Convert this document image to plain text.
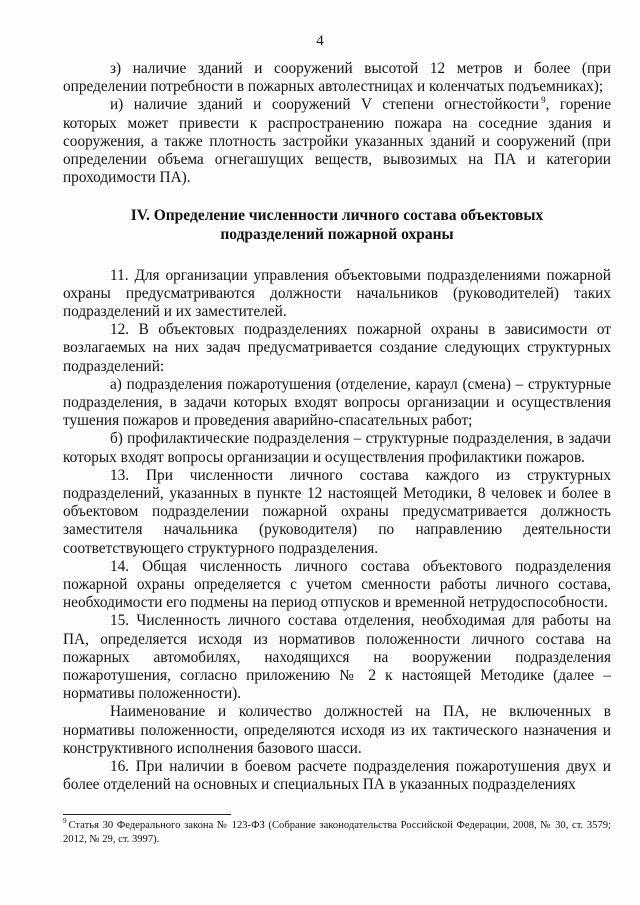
4

з) наличие зданий и сооружений высотой 12 метров и более (при определении потребности в пожарных автолестницах и коленчатых подъемниках);

и) наличие зданий и сооружений V степени огнестойкости $^9$, горение которых может привести к распространению пожара на соседние здания и сооружения, а также плотность застройки указанных зданий и сооружений (при определении объема огнегашущих веществ, вывозимых на ПА и категории проходимости ПА).

IV. Определение численности личного состава объектовых
подразделений пожарной охраны

11. Для организации управления объектовыми подразделениями пожарной охраны предусматриваются должности начальников (руководителей) таких подразделений и их заместителей.

12. В объектовых подразделениях пожарной охраны в зависимости от возлагаемых на них задач предусматривается создание следующих структурных подразделений:

а) подразделения пожаротушения (отделение, караул (смена) – структурные подразделения, в задачи которых входят вопросы организации и осуществления тушения пожаров и проведения аварийно-спасательных работ;

б) профилактические подразделения – структурные подразделения, в задачи которых входят вопросы организации и осуществления профилактики пожаров.

13. При численности личного состава каждого из структурных подразделений, указанных в пункте 12 настоящей Методики, 8 человек и более в объектовом подразделении пожарной охраны предусматривается должность заместителя начальника (руководителя) по направлению деятельности соответствующего структурного подразделения.

14. Общая численность личного состава объектового подразделения пожарной охраны определяется с учетом сменности работы личного состава, необходимости его подмены на период отпусков и временной нетрудоспособности.

15. Численность личного состава отделения, необходимая для работы на ПА, определяется исходя из нормативов положенности личного состава на пожарных автомобилях, находящихся на вооружении подразделения пожаротушения, согласно приложению № 2 к настоящей Методике (далее – нормативы положенности).

Наименование и количество должностей на ПА, не включенных в нормативы положенности, определяются исходя из их тактического назначения и конструктивного исполнения базового шасси.

16. При наличии в боевом расчете подразделения пожаротушения двух и более отделений на основных и специальных ПА в указанных подразделениях

$^9$ Статья 30 Федерального закона № 123-ФЗ (Собрание законодательства Российской Федерации, 2008, № 30, ст. 3579; 2012, № 29, ст. 3997).
